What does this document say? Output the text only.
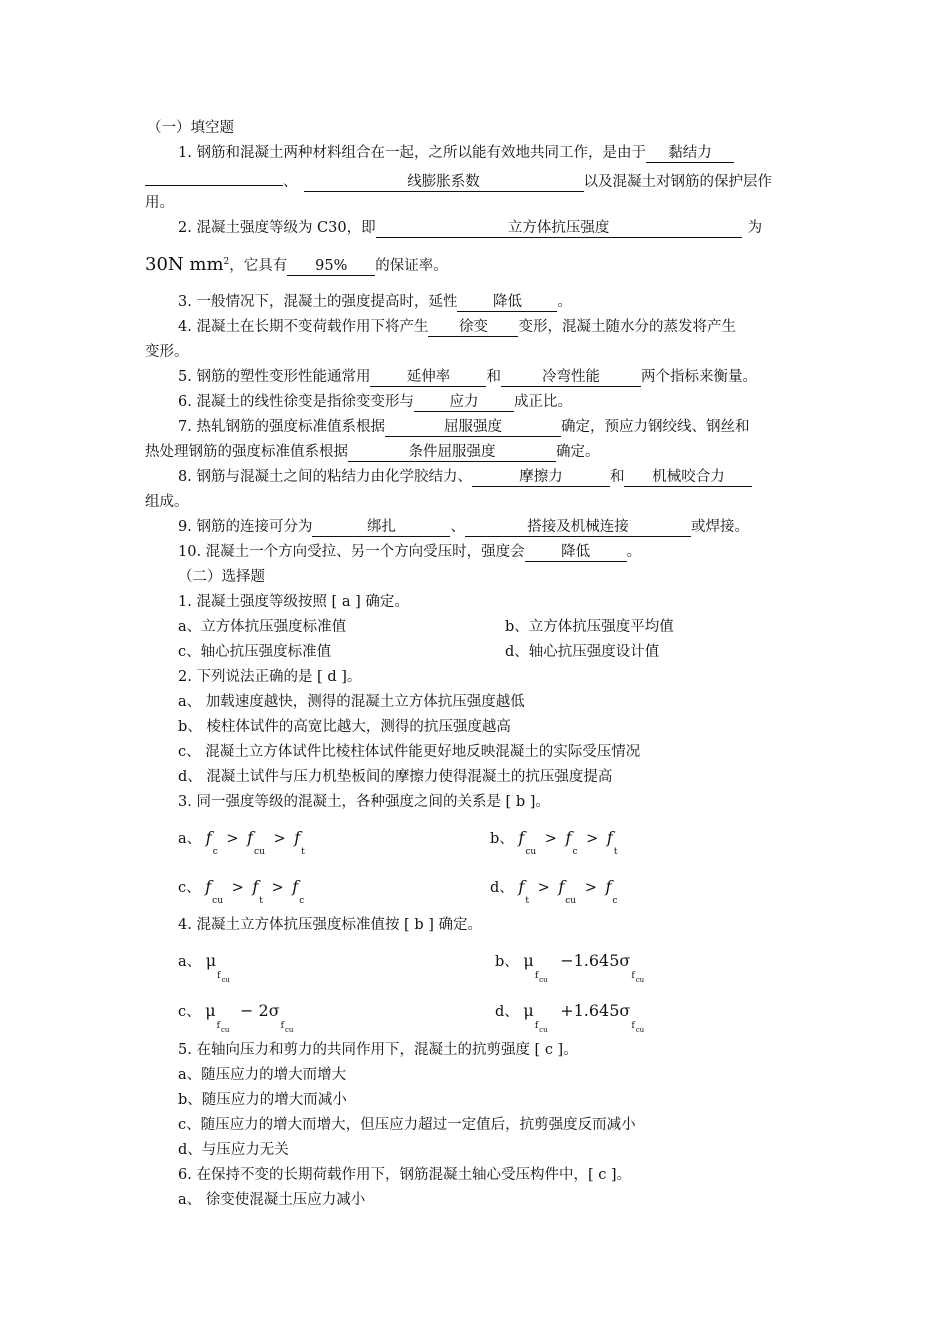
（一）填空题
1. 钢筋和混凝土两种材料组合在一起，之所以能有效地共同工作，是由于 黏结力
、	线膨胀系数	以及混凝土对钢筋的保护层作
用。
2. 混凝土强度等级为 C30，即	立方体抗压强度	为
30N $mm^2$，它具有 95% 的保证率。
3. 一般情况下，混凝土的强度提高时，延性 降低 。
4. 混凝土在长期不变荷载作用下将产生 徐变 变形，混凝土随水分的蒸发将产生
变形。
5. 钢筋的塑性变形性能通常用	延伸率	和	冷弯性能	两个指标来衡量。
6. 混凝土的线性徐变是指徐变变形与 应力 成正比。
7. 热轧钢筋的强度标准值系根据	屈服强度	确定，预应力钢绞线、钢丝和
热处理钢筋的强度标准值系根据	条件屈服强度	确定。
8. 钢筋与混凝土之间的粘结力由化学胶结力、	摩擦力	和 机械咬合力
组成。
9. 钢筋的连接可分为	绑扎	、	搭接及机械连接	或焊接。
10. 混凝土一个方向受拉、另一个方向受压时，强度会	降低	。
（二）选择题
1. 混凝土强度等级按照 [ a ] 确定。
a、立方体抗压强度标准值	b、立方体抗压强度平均值
c、轴心抗压强度标准值	d、轴心抗压强度设计值
2. 下列说法正确的是 [ d ]。
a、 加载速度越快，测得的混凝土立方体抗压强度越低
b、 棱柱体试件的高宽比越大，测得的抗压强度越高
c、 混凝土立方体试件比棱柱体试件能更好地反映混凝土的实际受压情况
d、 混凝土试件与压力机垫板间的摩擦力使得混凝土的抗压强度提高
3. 同一强度等级的混凝土，各种强度之间的关系是 [ b ]。
a、 $f_c > f_{cu} > f_t$
b、 $f_{cu} > f_c > f_t$
c、 $f_{cu} > f_t > f_c$
d、 $f_t > f_{cu} > f_c$
4. 混凝土立方体抗压强度标准值按 [ b ] 确定。
a、 $\mu_{fcu}$
b、 $\mu_{fcu} -1.645\sigma_{fcu}$
c、 $\mu_{fcu} - 2\sigma_{fcu}$
d、 $\mu_{fcu} +1.645\sigma_{fcu}$
5. 在轴向压力和剪力的共同作用下，混凝土的抗剪强度 [ c ]。
a、随压应力的增大而增大
b、随压应力的增大而减小
c、随压应力的增大而增大，但压应力超过一定值后，抗剪强度反而减小
d、与压应力无关
6. 在保持不变的长期荷载作用下，钢筋混凝土轴心受压构件中，[ c ]。
a、 徐变使混凝土压应力减小
